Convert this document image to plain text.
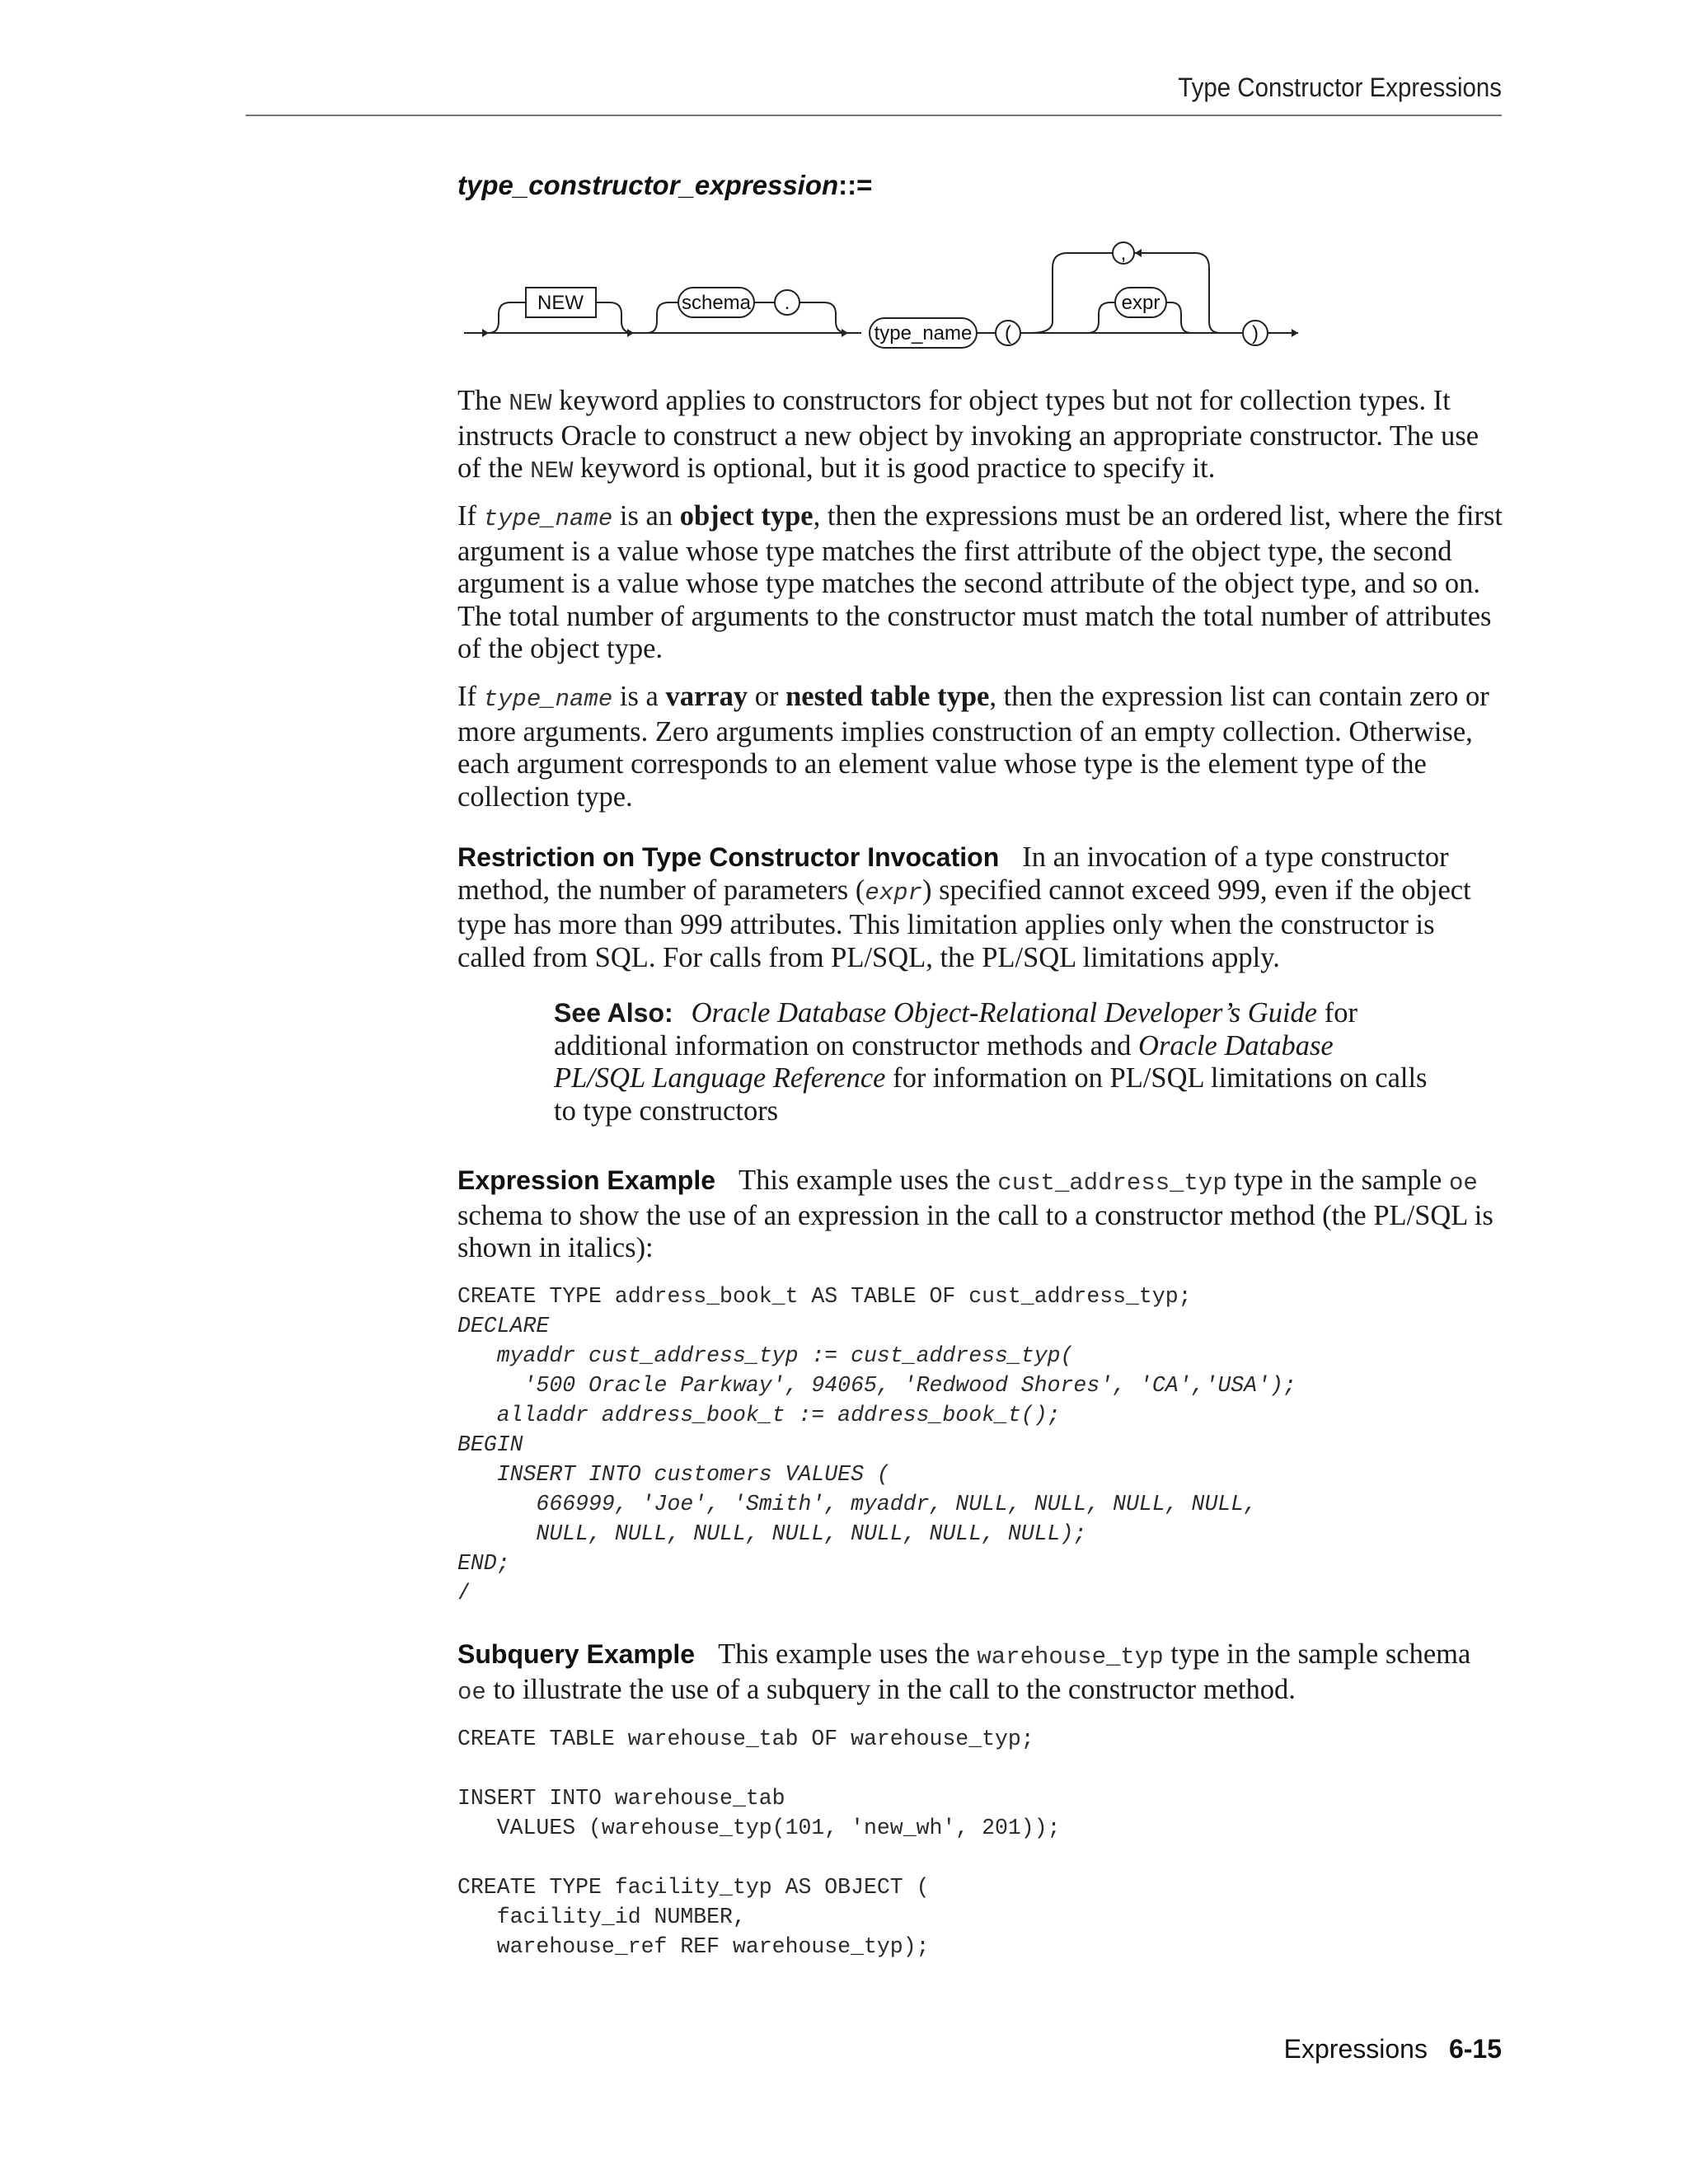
Type Constructor Expressions
type_constructor_expression::=
NEW	schema .
type_name (
,
expr
)

The NEW keyword applies to constructors for object types but not for collection types. It instructs Oracle to construct a new object by invoking an appropriate constructor. The use of the NEW keyword is optional, but it is good practice to specify it.

If type_name is an object type, then the expressions must be an ordered list, where the first argument is a value whose type matches the first attribute of the object type, the second argument is a value whose type matches the second attribute of the object type, and so on. The total number of arguments to the constructor must match the total number of attributes of the object type.

If type_name is a varray or nested table type, then the expression list can contain zero or more arguments. Zero arguments implies construction of an empty collection. Otherwise, each argument corresponds to an element value whose type is the element type of the collection type.

Restriction on Type Constructor Invocation In an invocation of a type constructor method, the number of parameters (expr) specified cannot exceed 999, even if the object type has more than 999 attributes. This limitation applies only when the constructor is called from SQL. For calls from PL/SQL, the PL/SQL limitations apply.

See Also: Oracle Database Object-Relational Developer’s Guide for additional information on constructor methods and Oracle Database PL/SQL Language Reference for information on PL/SQL limitations on calls to type constructors

Expression Example This example uses the cust_address_typ type in the sample oe schema to show the use of an expression in the call to a constructor method (the PL/SQL is shown in italics):

CREATE TYPE address_book_t AS TABLE OF cust_address_typ;
DECLARE
myaddr cust_address_typ := cust_address_typ(
'500 Oracle Parkway', 94065, 'Redwood Shores', 'CA','USA');
alladdr address_book_t := address_book_t();
BEGIN
INSERT INTO customers VALUES (
666999, 'Joe', 'Smith', myaddr, NULL, NULL, NULL, NULL,
NULL, NULL, NULL, NULL, NULL, NULL, NULL);
END;
/

Subquery Example This example uses the warehouse_typ type in the sample schema oe to illustrate the use of a subquery in the call to the constructor method.

CREATE TABLE warehouse_tab OF warehouse_typ;

INSERT INTO warehouse_tab
VALUES (warehouse_typ(101, 'new_wh', 201));

CREATE TYPE facility_typ AS OBJECT (
facility_id NUMBER,
warehouse_ref REF warehouse_typ);
Expressions 6-15
